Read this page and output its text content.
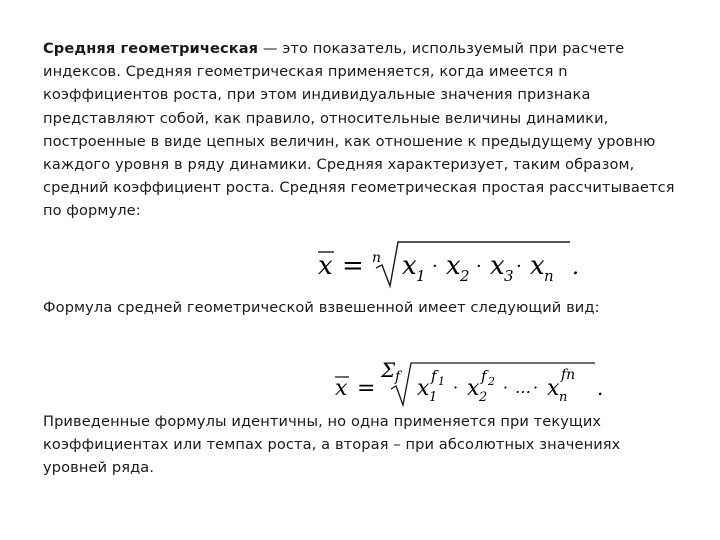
Средняя геометрическая — это показатель, используемый при расчете индексов. Средняя геометрическая применяется, когда имеется n коэффициентов роста, при этом индивидуальные значения признака представляют собой, как правило, относительные величины динамики, построенные в виде цепных величин, как отношение к предыдущему уровню каждого уровня в ряду динамики. Средняя характеризует, таким образом, средний коэффициент роста. Средняя геометрическая простая рассчитывается по формуле:

x = n x 1 · x 2 · x 3 · x n .

Формула средней геометрической взвешенной имеет следующий вид:

x =
Σ f x 1
f 1 · x 2
f 2 · … · x n
fn
.

Приведенные формулы идентичны, но одна применяется при текущих коэффициентах или темпах роста, а вторая – при абсолютных значениях уровней ряда.
